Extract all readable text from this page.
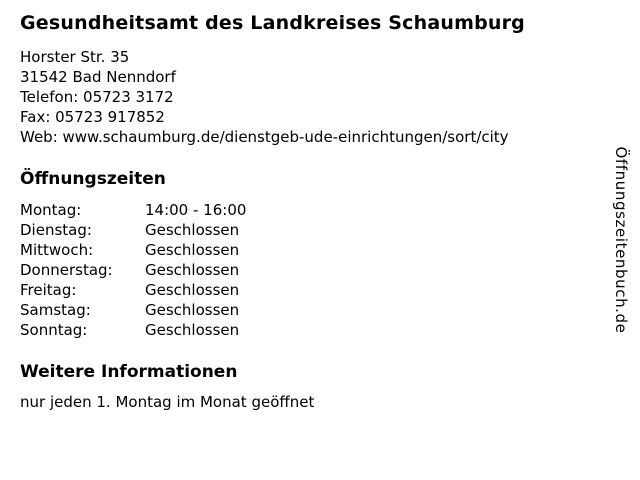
Gesundheitsamt des Landkreises Schaumburg

Horster Str. 35

31542 Bad Nenndorf

Telefon: 05723 3172

Fax: 05723 917852

Web: www.schaumburg.de/dienstgeb-ude-einrichtungen/sort/city

Öffnungszeiten
Montag:	14:00 - 16:00
Dienstag:	Geschlossen
Mittwoch:	Geschlossen
Donnerstag:	Geschlossen
Freitag:	Geschlossen
Samstag:	Geschlossen
Sonntag:	Geschlossen
Weitere Informationen

nur jeden 1. Montag im Monat geöffnet

Öffnungszeitenbuch.de
